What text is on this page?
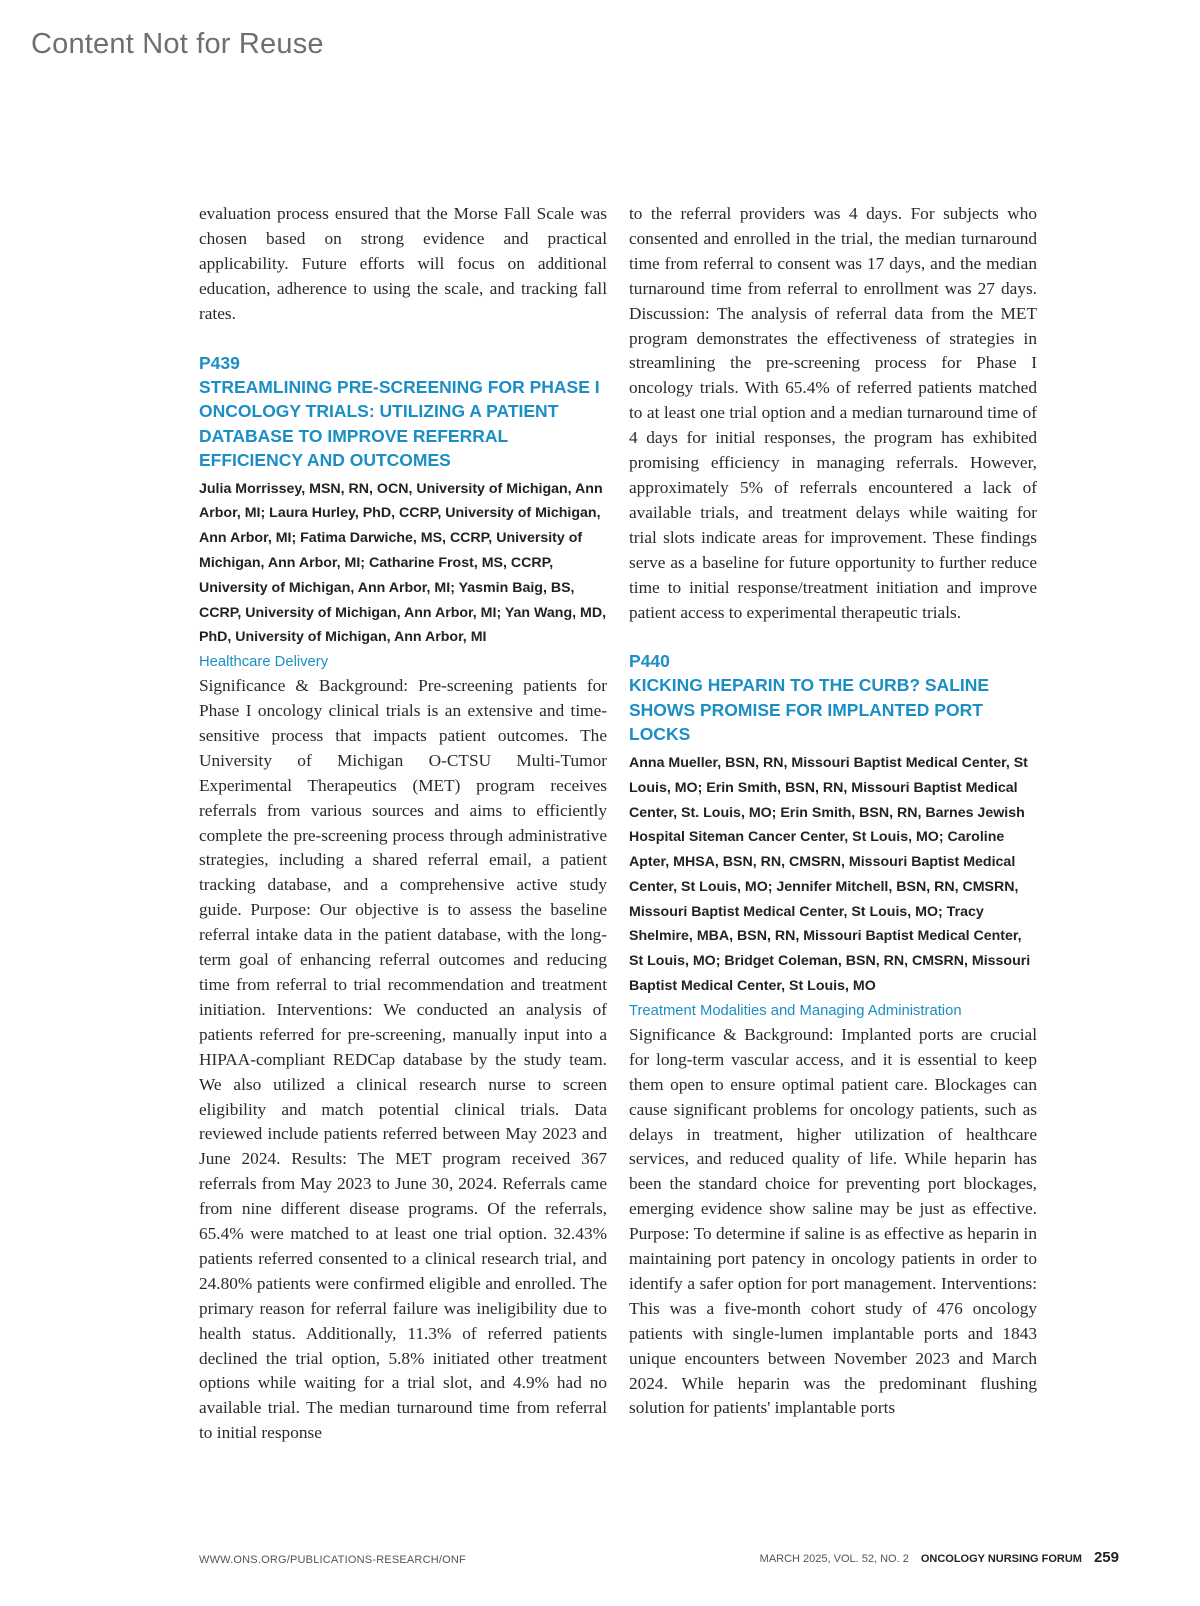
Content Not for Reuse

evaluation process ensured that the Morse Fall Scale was chosen based on strong evidence and practical applicability. Future efforts will focus on additional education, adherence to using the scale, and tracking fall rates.

P439

STREAMLINING PRE-SCREENING FOR PHASE I ONCOLOGY TRIALS: UTILIZING A PATIENT DATABASE TO IMPROVE REFERRAL EFFICIENCY AND OUTCOMES

Julia Morrissey, MSN, RN, OCN, University of Michigan, Ann Arbor, MI; Laura Hurley, PhD, CCRP, University of Michigan, Ann Arbor, MI; Fatima Darwiche, MS, CCRP, University of Michigan, Ann Arbor, MI; Catharine Frost, MS, CCRP, University of Michigan, Ann Arbor, MI; Yasmin Baig, BS, CCRP, University of Michigan, Ann Arbor, MI; Yan Wang, MD, PhD, University of Michigan, Ann Arbor, MI

Healthcare Delivery

Significance & Background: Pre-screening patients for Phase I oncology clinical trials is an extensive and time-sensitive process that impacts patient outcomes. The University of Michigan O-CTSU Multi-Tumor Experimental Therapeutics (MET) program receives referrals from various sources and aims to efficiently complete the pre-screening process through administrative strategies, including a shared referral email, a patient tracking database, and a comprehensive active study guide. Purpose: Our objective is to assess the baseline referral intake data in the patient database, with the long-term goal of enhancing referral outcomes and reducing time from referral to trial recommendation and treatment initiation. Interventions: We conducted an analysis of patients referred for pre-screening, manually input into a HIPAA-compliant REDCap database by the study team. We also utilized a clinical research nurse to screen eligibility and match potential clinical trials. Data reviewed include patients referred between May 2023 and June 2024. Results: The MET program received 367 referrals from May 2023 to June 30, 2024. Referrals came from nine different disease programs. Of the referrals, 65.4% were matched to at least one trial option. 32.43% patients referred consented to a clinical research trial, and 24.80% patients were confirmed eligible and enrolled. The primary reason for referral failure was ineligibility due to health status. Additionally, 11.3% of referred patients declined the trial option, 5.8% initiated other treatment options while waiting for a trial slot, and 4.9% had no available trial. The median turnaround time from referral to initial response

to the referral providers was 4 days. For subjects who consented and enrolled in the trial, the median turnaround time from referral to consent was 17 days, and the median turnaround time from referral to enrollment was 27 days. Discussion: The analysis of referral data from the MET program demonstrates the effectiveness of strategies in streamlining the pre-screening process for Phase I oncology trials. With 65.4% of referred patients matched to at least one trial option and a median turnaround time of 4 days for initial responses, the program has exhibited promising efficiency in managing referrals. However, approximately 5% of referrals encountered a lack of available trials, and treatment delays while waiting for trial slots indicate areas for improvement. These findings serve as a baseline for future opportunity to further reduce time to initial response/treatment initiation and improve patient access to experimental therapeutic trials.

P440

KICKING HEPARIN TO THE CURB? SALINE SHOWS PROMISE FOR IMPLANTED PORT LOCKS

Anna Mueller, BSN, RN, Missouri Baptist Medical Center, St Louis, MO; Erin Smith, BSN, RN, Missouri Baptist Medical Center, St. Louis, MO; Erin Smith, BSN, RN, Barnes Jewish Hospital Siteman Cancer Center, St Louis, MO; Caroline Apter, MHSA, BSN, RN, CMSRN, Missouri Baptist Medical Center, St Louis, MO; Jennifer Mitchell, BSN, RN, CMSRN, Missouri Baptist Medical Center, St Louis, MO; Tracy Shelmire, MBA, BSN, RN, Missouri Baptist Medical Center, St Louis, MO; Bridget Coleman, BSN, RN, CMSRN, Missouri Baptist Medical Center, St Louis, MO

Treatment Modalities and Managing Administration

Significance & Background: Implanted ports are crucial for long-term vascular access, and it is essential to keep them open to ensure optimal patient care. Blockages can cause significant problems for oncology patients, such as delays in treatment, higher utilization of healthcare services, and reduced quality of life. While heparin has been the standard choice for preventing port blockages, emerging evidence show saline may be just as effective. Purpose: To determine if saline is as effective as heparin in maintaining port patency in oncology patients in order to identify a safer option for port management. Interventions: This was a five-month cohort study of 476 oncology patients with single-lumen implantable ports and 1843 unique encounters between November 2023 and March 2024. While heparin was the predominant flushing solution for patients' implantable ports

WWW.ONS.ORG/PUBLICATIONS-RESEARCH/ONF	MARCH 2025, VOL. 52, NO. 2 ONCOLOGY NURSING FORUM 259
